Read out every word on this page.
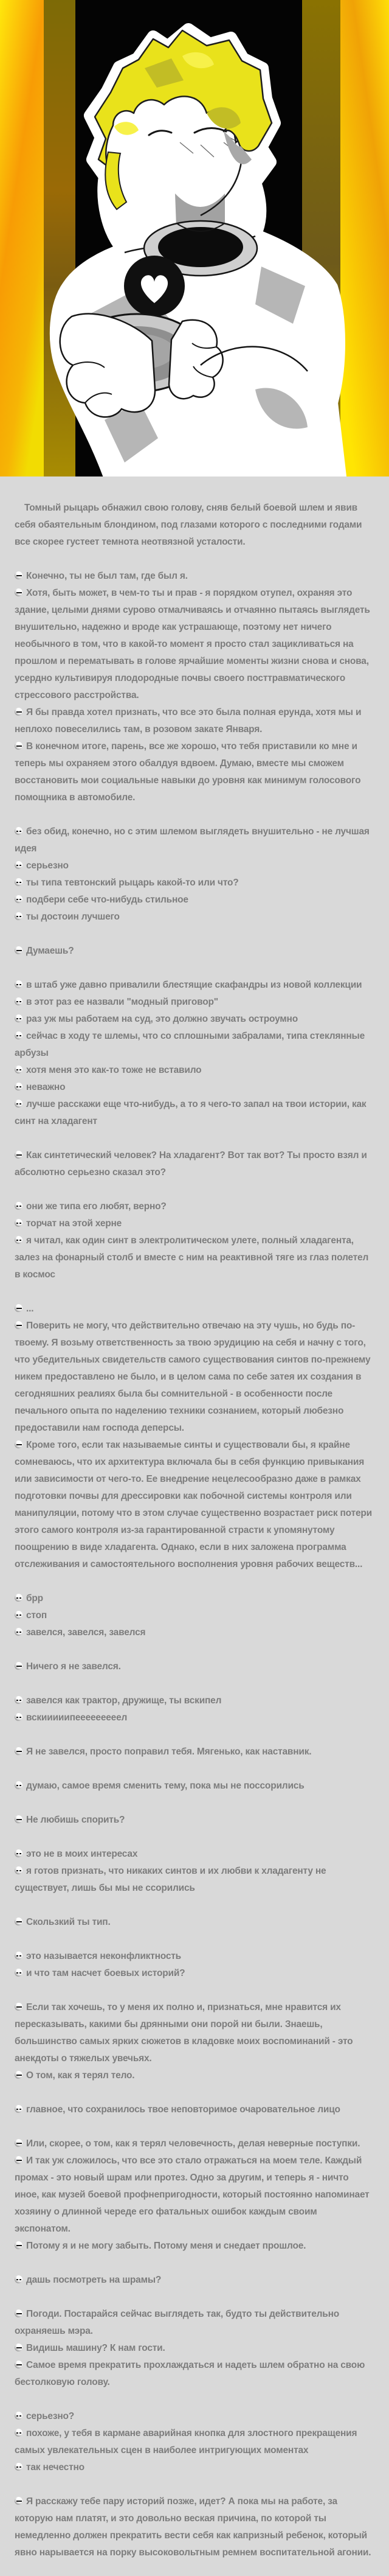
Томный рыцарь обнажил свою голову, сняв белый боевой шлем и явив себя обаятельным блондином, под глазами которого с последними годами все скорее густеет темнота неотвязной усталости.

Конечно, ты не был там, где был я.
Хотя, быть может, в чем-то ты и прав - я порядком отупел, охраняя это здание, целыми днями сурово отмалчиваясь и отчаянно пытаясь выглядеть внушительно, надежно и вроде как устрашающе, поэтому нет ничего необычного в том, что в какой-то момент я просто стал зацикливаться на прошлом и перематывать в голове ярчайшие моменты жизни снова и снова, усердно культивируя плодородные почвы своего посттравматического стрессового расстройства.
Я бы правда хотел признать, что все это была полная ерунда, хотя мы и неплохо повеселились там, в розовом закате Января.
В конечном итоге, парень, все же хорошо, что тебя приставили ко мне и теперь мы охраняем этого обалдуя вдвоем. Думаю, вместе мы сможем восстановить мои социальные навыки до уровня как минимум голосового помощника в автомобиле.
без обид, конечно, но с этим шлемом выглядеть внушительно - не лучшая идея
серьезно
ты типа тевтонский рыцарь какой-то или что?
подбери себе что-нибудь стильное
ты достоин лучшего
Думаешь?
в штаб уже давно привалили блестящие скафандры из новой коллекции
в этот раз ее назвали "модный приговор"
раз уж мы работаем на суд, это должно звучать остроумно
сейчас в ходу те шлемы, что со сплошными забралами, типа стеклянные арбузы
хотя меня это как-то тоже не вставило
неважно
лучше расскажи еще что-нибудь, а то я чего-то запал на твои истории, как синт на хладагент
Как синтетический человек? На хладагент? Вот так вот? Ты просто взял и абсолютно серьезно сказал это?
они же типа его любят, верно?
торчат на этой херне
я читал, как один синт в электролитическом улете, полный хладагента, залез на фонарный столб и вместе с ним на реактивной тяге из глаз полетел в космос
...
Поверить не могу, что действительно отвечаю на эту чушь, но будь по-твоему. Я возьму ответственность за твою эрудицию на себя и начну с того, что убедительных свидетельств самого существования синтов по-прежнему никем предоставлено не было, и в целом сама по себе затея их создания в сегодняшних реалиях была бы сомнительной - в особенности после печального опыта по наделению техники сознанием, который любезно предоставили нам господа деперсы.
Кроме того, если так называемые синты и существовали бы, я крайне сомневаюсь, что их архитектура включала бы в себя функцию привыкания или зависимости от чего-то. Ее внедрение нецелесообразно даже в рамках подготовки почвы для дрессировки как побочной системы контроля или манипуляции, потому что в этом случае существенно возрастает риск потери этого самого контроля из-за гарантированной страсти к упомянутому поощрению в виде хладагента. Однако, если в них заложена программа отслеживания и самостоятельного восполнения уровня рабочих веществ...
брр
стоп
завелся, завелся, завелся
Ничего я не завелся.
завелся как трактор, дружище, ты вскипел
вскииииипееееееееел
Я не завелся, просто поправил тебя. Мягенько, как наставник.
думаю, самое время сменить тему, пока мы не поссорились
Не любишь спорить?
это не в моих интересах
я готов признать, что никаких синтов и их любви к хладагенту не существует, лишь бы мы не ссорились
Скользкий ты тип.
это называется неконфликтность
и что там насчет боевых историй?
Если так хочешь, то у меня их полно и, признаться, мне нравится их пересказывать, какими бы дрянными они порой ни были. Знаешь, большинство самых ярких сюжетов в кладовке моих воспоминаний - это анекдоты о тяжелых увечьях.
О том, как я терял тело.
главное, что сохранилось твое неповторимое очаровательное лицо
Или, скорее, о том, как я терял человечность, делая неверные поступки.
И так уж сложилось, что все это стало отражаться на моем теле. Каждый промах - это новый шрам или протез. Одно за другим, и теперь я - ничто иное, как музей боевой профнепригодности, который постоянно напоминает хозяину о длинной череде его фатальных ошибок каждым своим экспонатом.
Потому я и не могу забыть. Потому меня и снедает прошлое.
дашь посмотреть на шрамы?
Погоди. Постарайся сейчас выглядеть так, будто ты действительно охраняешь мэра.
Видишь машину? К нам гости.
Самое время прекратить прохлаждаться и надеть шлем обратно на свою бестолковую голову.
серьезно?
похоже, у тебя в кармане аварийная кнопка для злостного прекращения самых увлекательных сцен в наиболее интригующих моментах
так нечестно
Я расскажу тебе пару историй позже, идет? А пока мы на работе, за которую нам платят, и это довольно веская причина, по которой ты немедленно должен прекратить вести себя как капризный ребенок, который явно нарывается на порку высоковольтным ремнем воспитательной агонии.
